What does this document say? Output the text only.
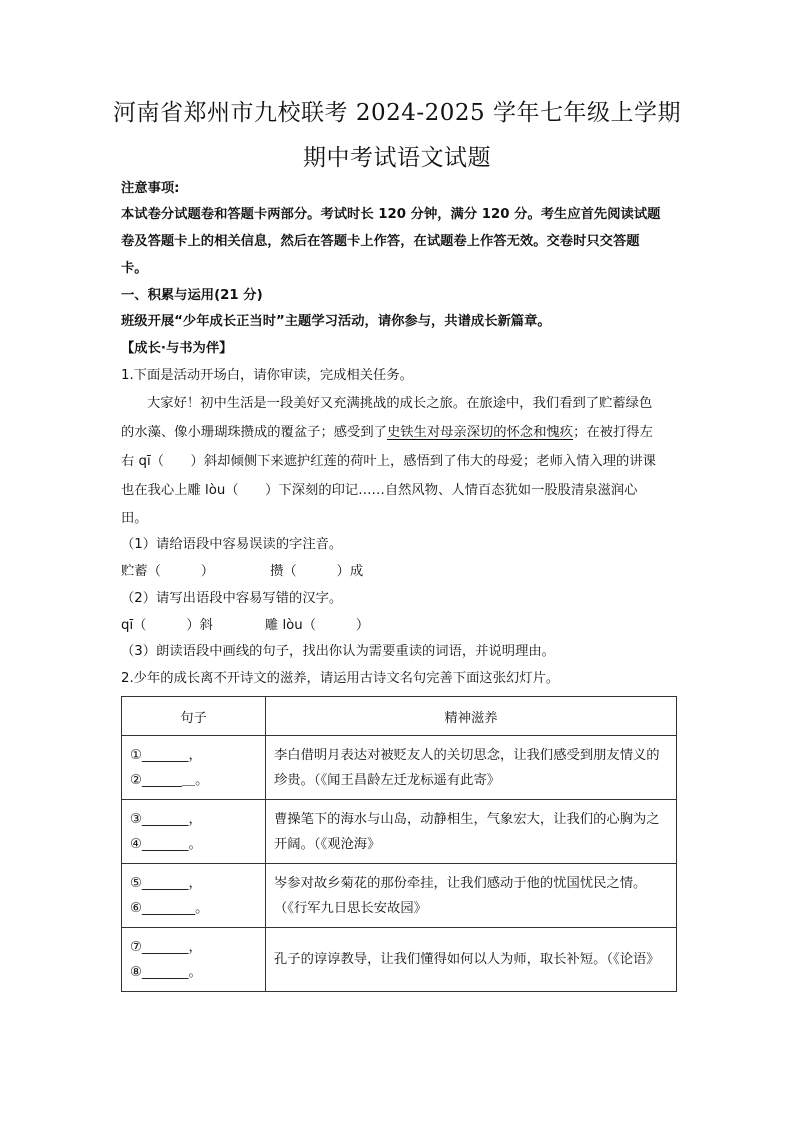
河南省郑州市九校联考 2024-2025 学年七年级上学期
期中考试语文试题
注意事项:
本试卷分试题卷和答题卡两部分。考试时长 120 分钟，满分 120 分。考生应首先阅读试题
卷及答题卡上的相关信息，然后在答题卡上作答，在试题卷上作答无效。交卷时只交答题
卡。
一、积累与运用(21 分)
班级开展“少年成长正当时”主题学习活动，请你参与，共谱成长新篇章。
【成长·与书为伴】
1.下面是活动开场白，请你审读，完成相关任务。
大家好！初中生活是一段美好又充满挑战的成长之旅。在旅途中，我们看到了贮蓄绿色
的水藻、像小珊瑚珠攒成的覆盆子；感受到了史铁生对母亲深切的怀念和愧疚；在被打得左
右 qī（　　）斜却倾侧下来遮护红莲的荷叶上，感悟到了伟大的母爱；老师入情入理的讲课
也在我心上雕 lòu（　　）下深刻的印记……自然风物、人情百态犹如一股股清泉滋润心
田。
（1）请给语段中容易误读的字注音。
贮蓄（　　　）	攒（　　　）成
（2）请写出语段中容易写错的汉字。
qī（　　　）斜	雕 lòu（　　　）
（3）朗读语段中画线的句子，找出你认为需要重读的词语，并说明理由。
2.少年的成长离不开诗文的滋养，请运用古诗文名句完善下面这张幻灯片。
句子	精神滋养

①_______，
②______＿。	李白借明月表达对被贬友人的关切思念，让我们感受到朋友情义的珍贵。（《闻王昌龄左迁龙标遥有此寄》

③_______，
④_______。	曹操笔下的海水与山岛，动静相生，气象宏大，让我们的心胸为之开阔。（《观沧海》

⑤_______，
⑥________。	岑参对故乡菊花的那份牵挂，让我们感动于他的忧国忧民之情。（《行军九日思长安故园》

⑦_______，
⑧_______。	孔子的谆谆教导，让我们懂得如何以人为师，取长补短。（《论语》
